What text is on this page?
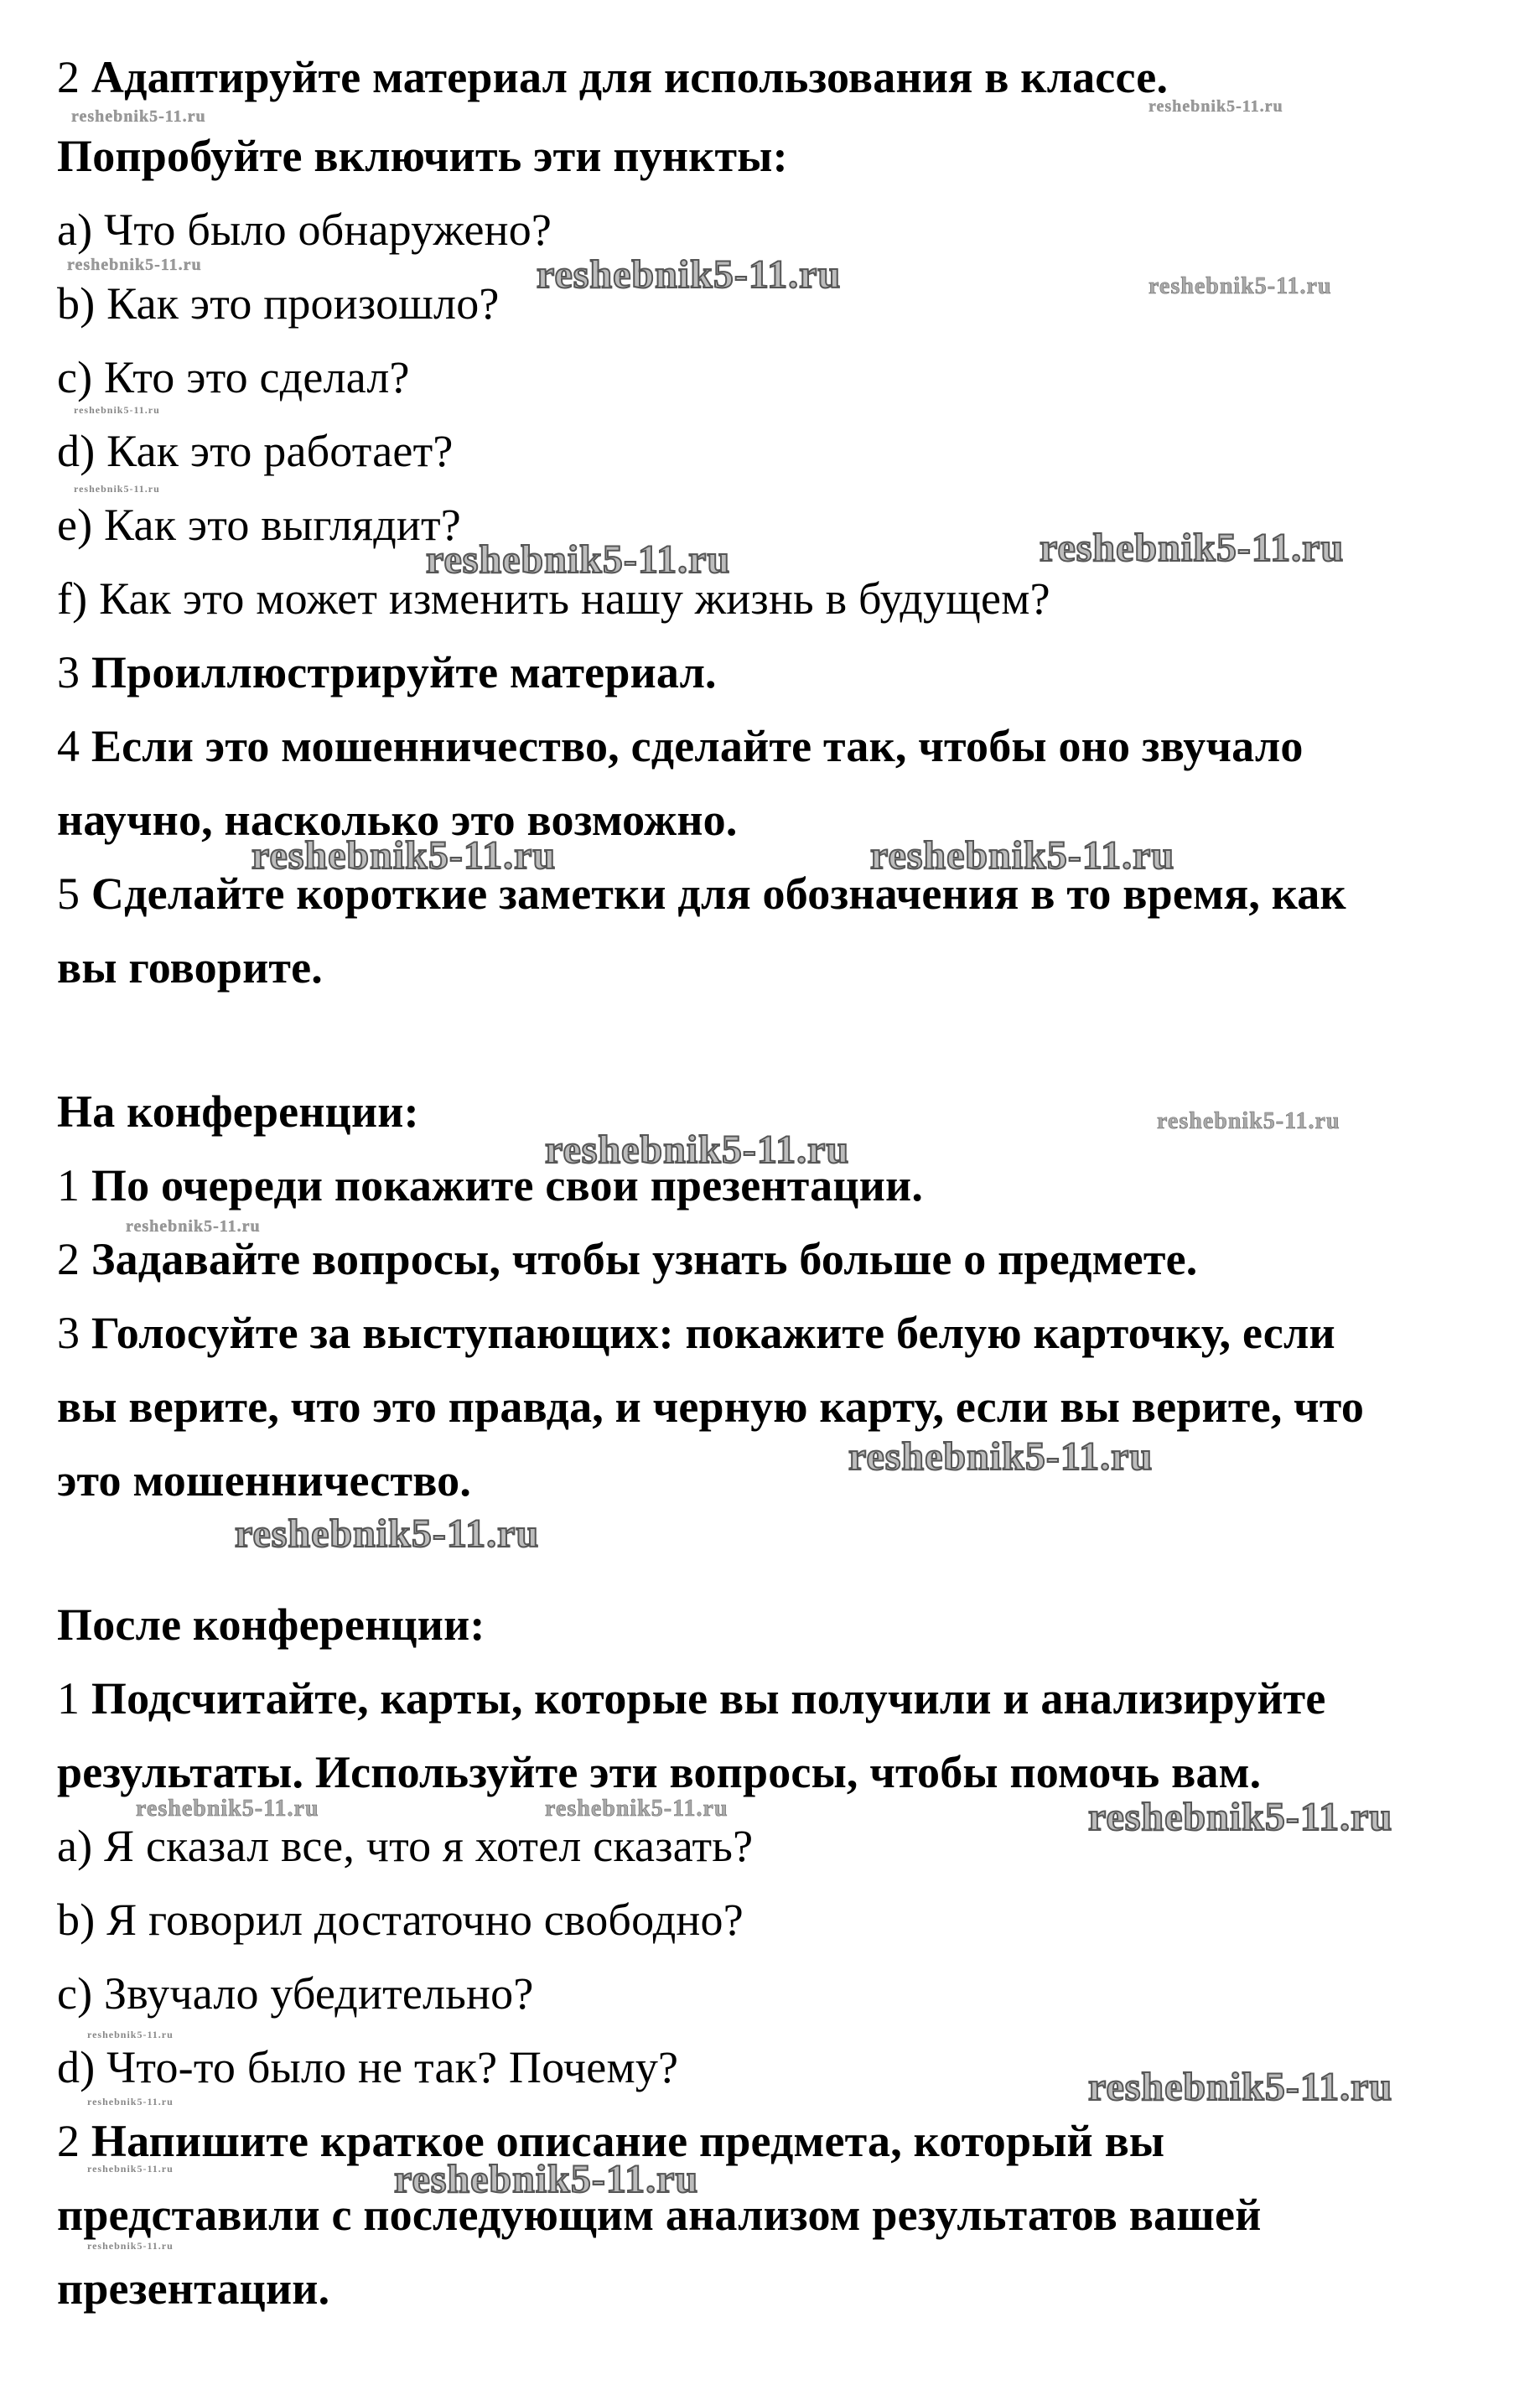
2 Адаптируйте материал для использования в классе.
Попробуйте включить эти пункты:
a) Что было обнаружено?
b) Как это произошло?
c) Кто это сделал?
d) Как это работает?
e) Как это выглядит?
f) Как это может изменить нашу жизнь в будущем?
3 Проиллюстрируйте материал.
4 Если это мошенничество, сделайте так, чтобы оно звучало
научно, насколько это возможно.
5 Сделайте короткие заметки для обозначения в то время, как
вы говорите.
На конференции:
1 По очереди покажите свои презентации.
2 Задавайте вопросы, чтобы узнать больше о предмете.
3 Голосуйте за выступающих: покажите белую карточку, если
вы верите, что это правда, и черную карту, если вы верите, что
это мошенничество.
После конференции:
1 Подсчитайте, карты, которые вы получили и анализируйте
результаты. Используйте эти вопросы, чтобы помочь вам.
a) Я сказал все, что я хотел сказать?
b) Я говорил достаточно свободно?
c) Звучало убедительно?
d) Что-то было не так? Почему?
2 Напишите краткое описание предмета, который вы
представили с последующим анализом результатов вашей
презентации.
reshebnik5-11.ru
reshebnik5-11.ru
reshebnik5-11.ru	reshebnik5-11.ru	reshebnik5-11.ru
reshebnik5-11.ru
reshebnik5-11.ru
reshebnik5-11.ru	reshebnik5-11.ru
reshebnik5-11.ru	reshebnik5-11.ru
reshebnik5-11.ru
reshebnik5-11.ru
reshebnik5-11.ru
reshebnik5-11.ru
reshebnik5-11.ru
reshebnik5-11.ru	reshebnik5-11.ru	reshebnik5-11.ru
reshebnik5-11.ru
reshebnik5-11.ru	reshebnik5-11.ru
reshebnik5-11.ru	reshebnik5-11.ru
reshebnik5-11.ru
